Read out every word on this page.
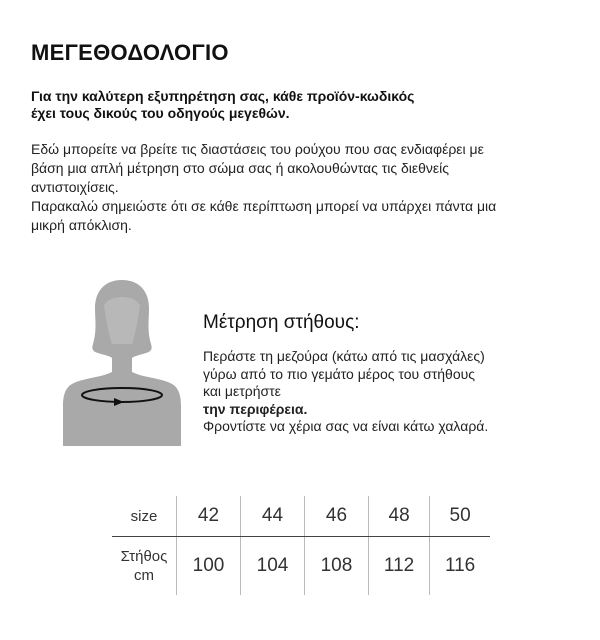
ΜΕΓΕΘΟΔΟΛΟΓΙΟ

Για την καλύτερη εξυπηρέτηση σας, κάθε προϊόν-κωδικός
έχει τους δικούς του οδηγούς μεγεθών.

Εδώ μπορείτε να βρείτε τις διαστάσεις του ρούχου που σας ενδιαφέρει με
βάση μια απλή μέτρηση στο σώμα σας ή ακολουθώντας τις διεθνείς
αντιστοιχίσεις.
Παρακαλώ σημειώστε ότι σε κάθε περίπτωση μπορεί να υπάρχει πάντα μια
μικρή απόκλιση.

Μέτρηση στήθους:

Περάστε τη μεζούρα (κάτω από τις μασχάλες)
γύρω από το πιο γεμάτο μέρος του στήθους
και μετρήστε
την περιφέρεια.
Φροντίστε να χέρια σας να είναι κάτω χαλαρά.

size	42	44	46	48	50

Στήθος
cm	100	104	108	112	116
